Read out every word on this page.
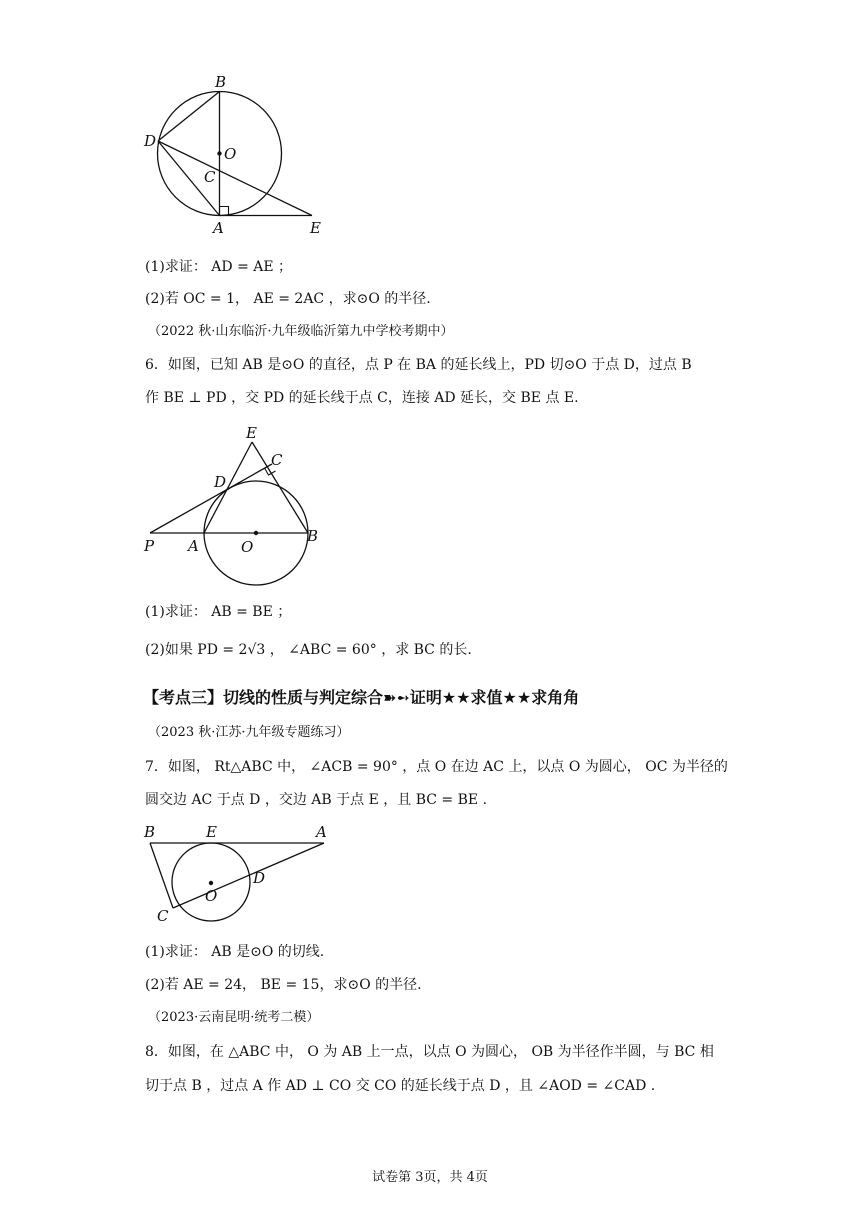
B
D
O
C
A	E
(1)求证： AD = AE ；
(2)若 OC = 1， AE = 2AC ，求⊙O 的半径.
（2022 秋·山东临沂·九年级临沂第九中学校考期中）
6．如图，已知 AB 是⊙O 的直径，点 P 在 BA 的延长线上，PD 切⊙O 于点 D，过点 B
作 BE ⊥ PD ，交 PD 的延长线于点 C，连接 AD 延长，交 BE 点 E.
E
C
D
P A	O
B
(1)求证： AB = BE ；
(2)如果 PD = 2√3 ， ∠ABC = 60° ，求 BC 的长.
【考点三】切线的性质与判定综合➽➻证明★★求值★★求角角
（2023 秋·江苏·九年级专题练习）
7．如图， Rt△ABC 中， ∠ACB = 90° ，点 O 在边 AC 上，以点 O 为圆心， OC 为半径的
圆交边 AC 于点 D ，交边 AB 于点 E ，且 BC = BE .
B	E	A
D
C
O
(1)求证： AB 是⊙O 的切线.
(2)若 AE = 24， BE = 15，求⊙O 的半径.
（2023·云南昆明·统考二模）
8．如图，在 △ABC 中， O 为 AB 上一点，以点 O 为圆心， OB 为半径作半圆，与 BC 相
切于点 B ，过点 A 作 AD ⊥ CO 交 CO 的延长线于点 D ，且 ∠AOD = ∠CAD .
试卷第 3页，共 4页
